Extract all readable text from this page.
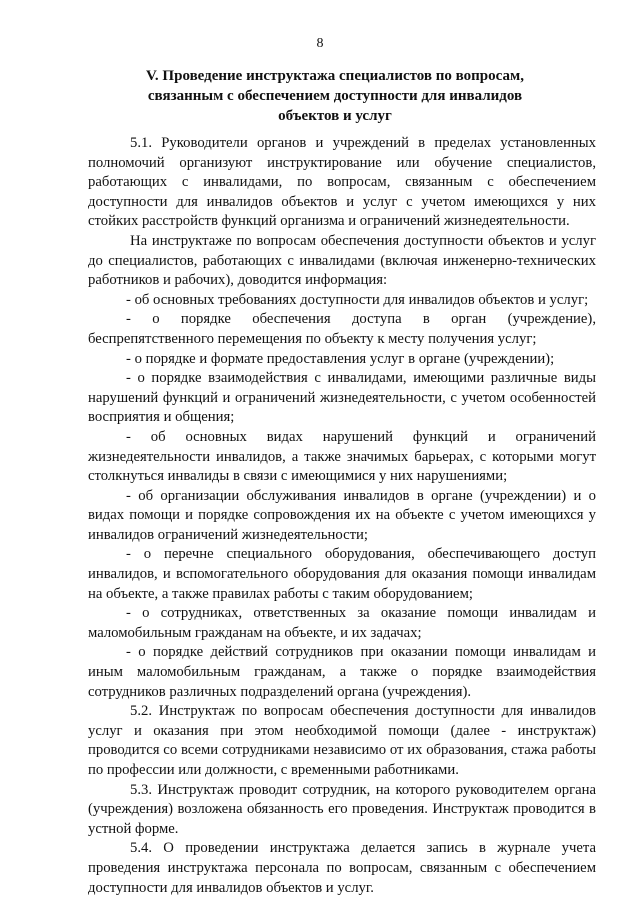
8
V. Проведение инструктажа специалистов по вопросам,
связанным с обеспечением доступности для инвалидов
объектов и услуг

5.1. Руководители органов и учреждений в пределах установленных полномочий организуют инструктирование или обучение специалистов, работающих с инвалидами, по вопросам, связанным с обеспечением доступности для инвалидов объектов и услуг с учетом имеющихся у них стойких расстройств функций организма и ограничений жизнедеятельности.

На инструктаже по вопросам обеспечения доступности объектов и услуг до специалистов, работающих с инвалидами (включая инженерно-технических работников и рабочих), доводится информация:

- об основных требованиях доступности для инвалидов объектов и услуг;

- о порядке обеспечения доступа в орган (учреждение), беспрепятственного перемещения по объекту к месту получения услуг;

- о порядке и формате предоставления услуг в органе (учреждении);

- о порядке взаимодействия с инвалидами, имеющими различные виды нарушений функций и ограничений жизнедеятельности, с учетом особенностей восприятия и общения;

- об основных видах нарушений функций и ограничений жизнедеятельности инвалидов, а также значимых барьерах, с которыми могут столкнуться инвалиды в связи с имеющимися у них нарушениями;

- об организации обслуживания инвалидов в органе (учреждении) и о видах помощи и порядке сопровождения их на объекте с учетом имеющихся у инвалидов ограничений жизнедеятельности;

- о перечне специального оборудования, обеспечивающего доступ инвалидов, и вспомогательного оборудования для оказания помощи инвалидам на объекте, а также правилах работы с таким оборудованием;

- о сотрудниках, ответственных за оказание помощи инвалидам и маломобильным гражданам на объекте, и их задачах;

- о порядке действий сотрудников при оказании помощи инвалидам и иным маломобильным гражданам, а также о порядке взаимодействия сотрудников различных подразделений органа (учреждения).

5.2. Инструктаж по вопросам обеспечения доступности для инвалидов услуг и оказания при этом необходимой помощи (далее - инструктаж) проводится со всеми сотрудниками независимо от их образования, стажа работы по профессии или должности, с временными работниками.

5.3. Инструктаж проводит сотрудник, на которого руководителем органа (учреждения) возложена обязанность его проведения. Инструктаж проводится в устной форме.

5.4. О проведении инструктажа делается запись в журнале учета проведения инструктажа персонала по вопросам, связанным с обеспечением доступности для инвалидов объектов и услуг.
